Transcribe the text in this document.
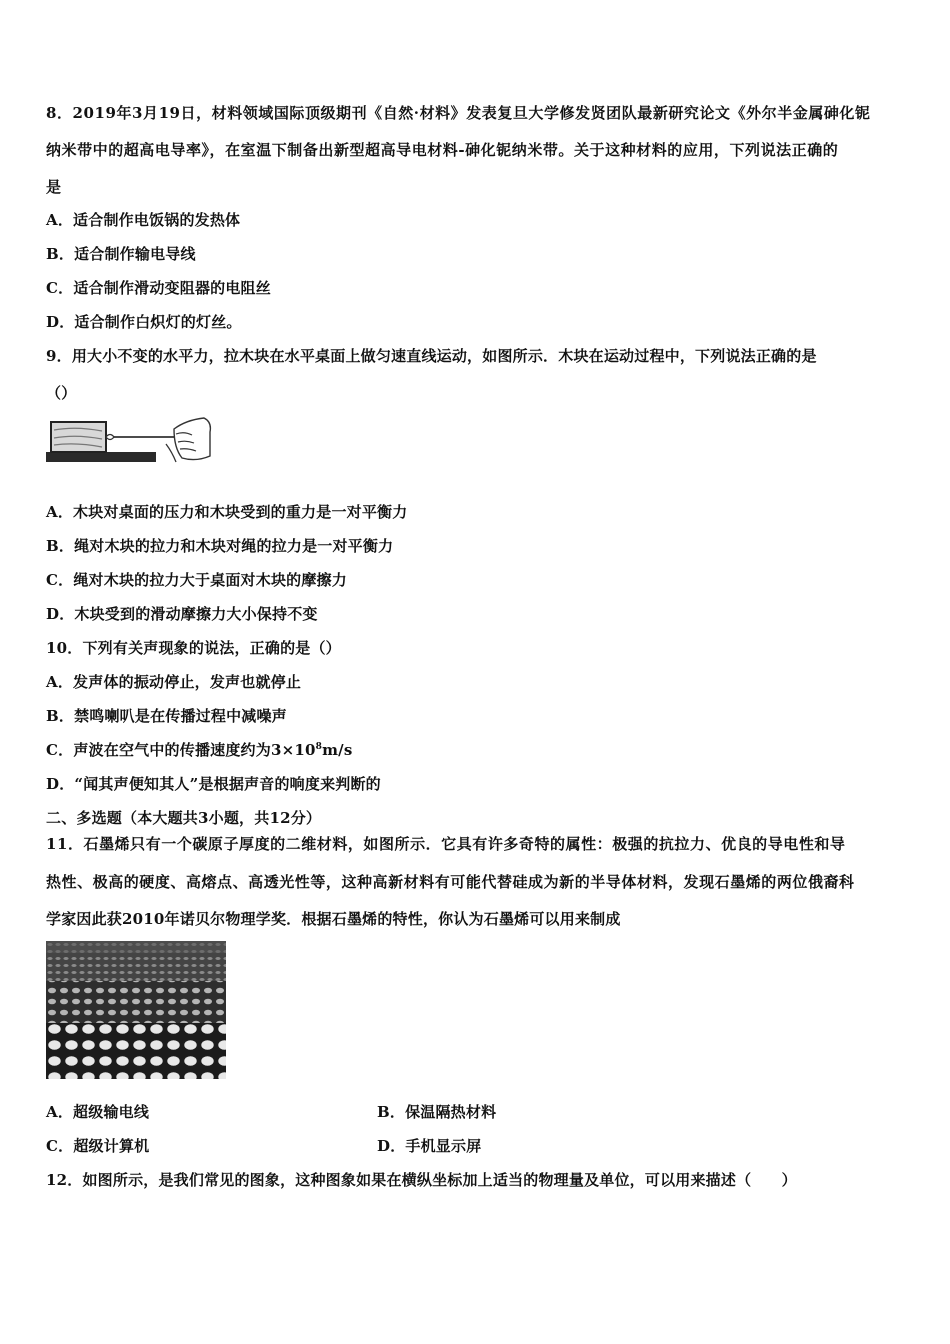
8．2019年3月19日，材料领域国际顶级期刊《自然·材料》发表复旦大学修发贤团队最新研究论文《外尔半金属砷化铌
纳米带中的超高电导率》，在室温下制备出新型超高导电材料-砷化铌纳米带。关于这种材料的应用，下列说法正确的
是
A．适合制作电饭锅的发热体
B．适合制作输电导线
C．适合制作滑动变阻器的电阻丝
D．适合制作白炽灯的灯丝。
9．用大小不变的水平力，拉木块在水平桌面上做匀速直线运动，如图所示．木块在运动过程中，下列说法正确的是
（）
A．木块对桌面的压力和木块受到的重力是一对平衡力
B．绳对木块的拉力和木块对绳的拉力是一对平衡力
C．绳对木块的拉力大于桌面对木块的摩擦力
D．木块受到的滑动摩擦力大小保持不变
10．下列有关声现象的说法，正确的是（）
A．发声体的振动停止，发声也就停止
B．禁鸣喇叭是在传播过程中减噪声
C．声波在空气中的传播速度约为$3\times 10^8m/s$
D．“闻其声便知其人”是根据声音的响度来判断的
二、多选题（本大题共3小题，共12分）
11．石墨烯只有一个碳原子厚度的二维材料，如图所示．它具有许多奇特的属性：极强的抗拉力、优良的导电性和导
热性、极高的硬度、高熔点、高透光性等，这种高新材料有可能代替硅成为新的半导体材料，发现石墨烯的两位俄裔科
学家因此获2010年诺贝尔物理学奖．根据石墨烯的特性，你认为石墨烯可以用来制成
A．超级输电线	B．保温隔热材料
C．超级计算机	D．手机显示屏
12．如图所示，是我们常见的图象，这种图象如果在横纵坐标加上适当的物理量及单位，可以用来描述（　　）
